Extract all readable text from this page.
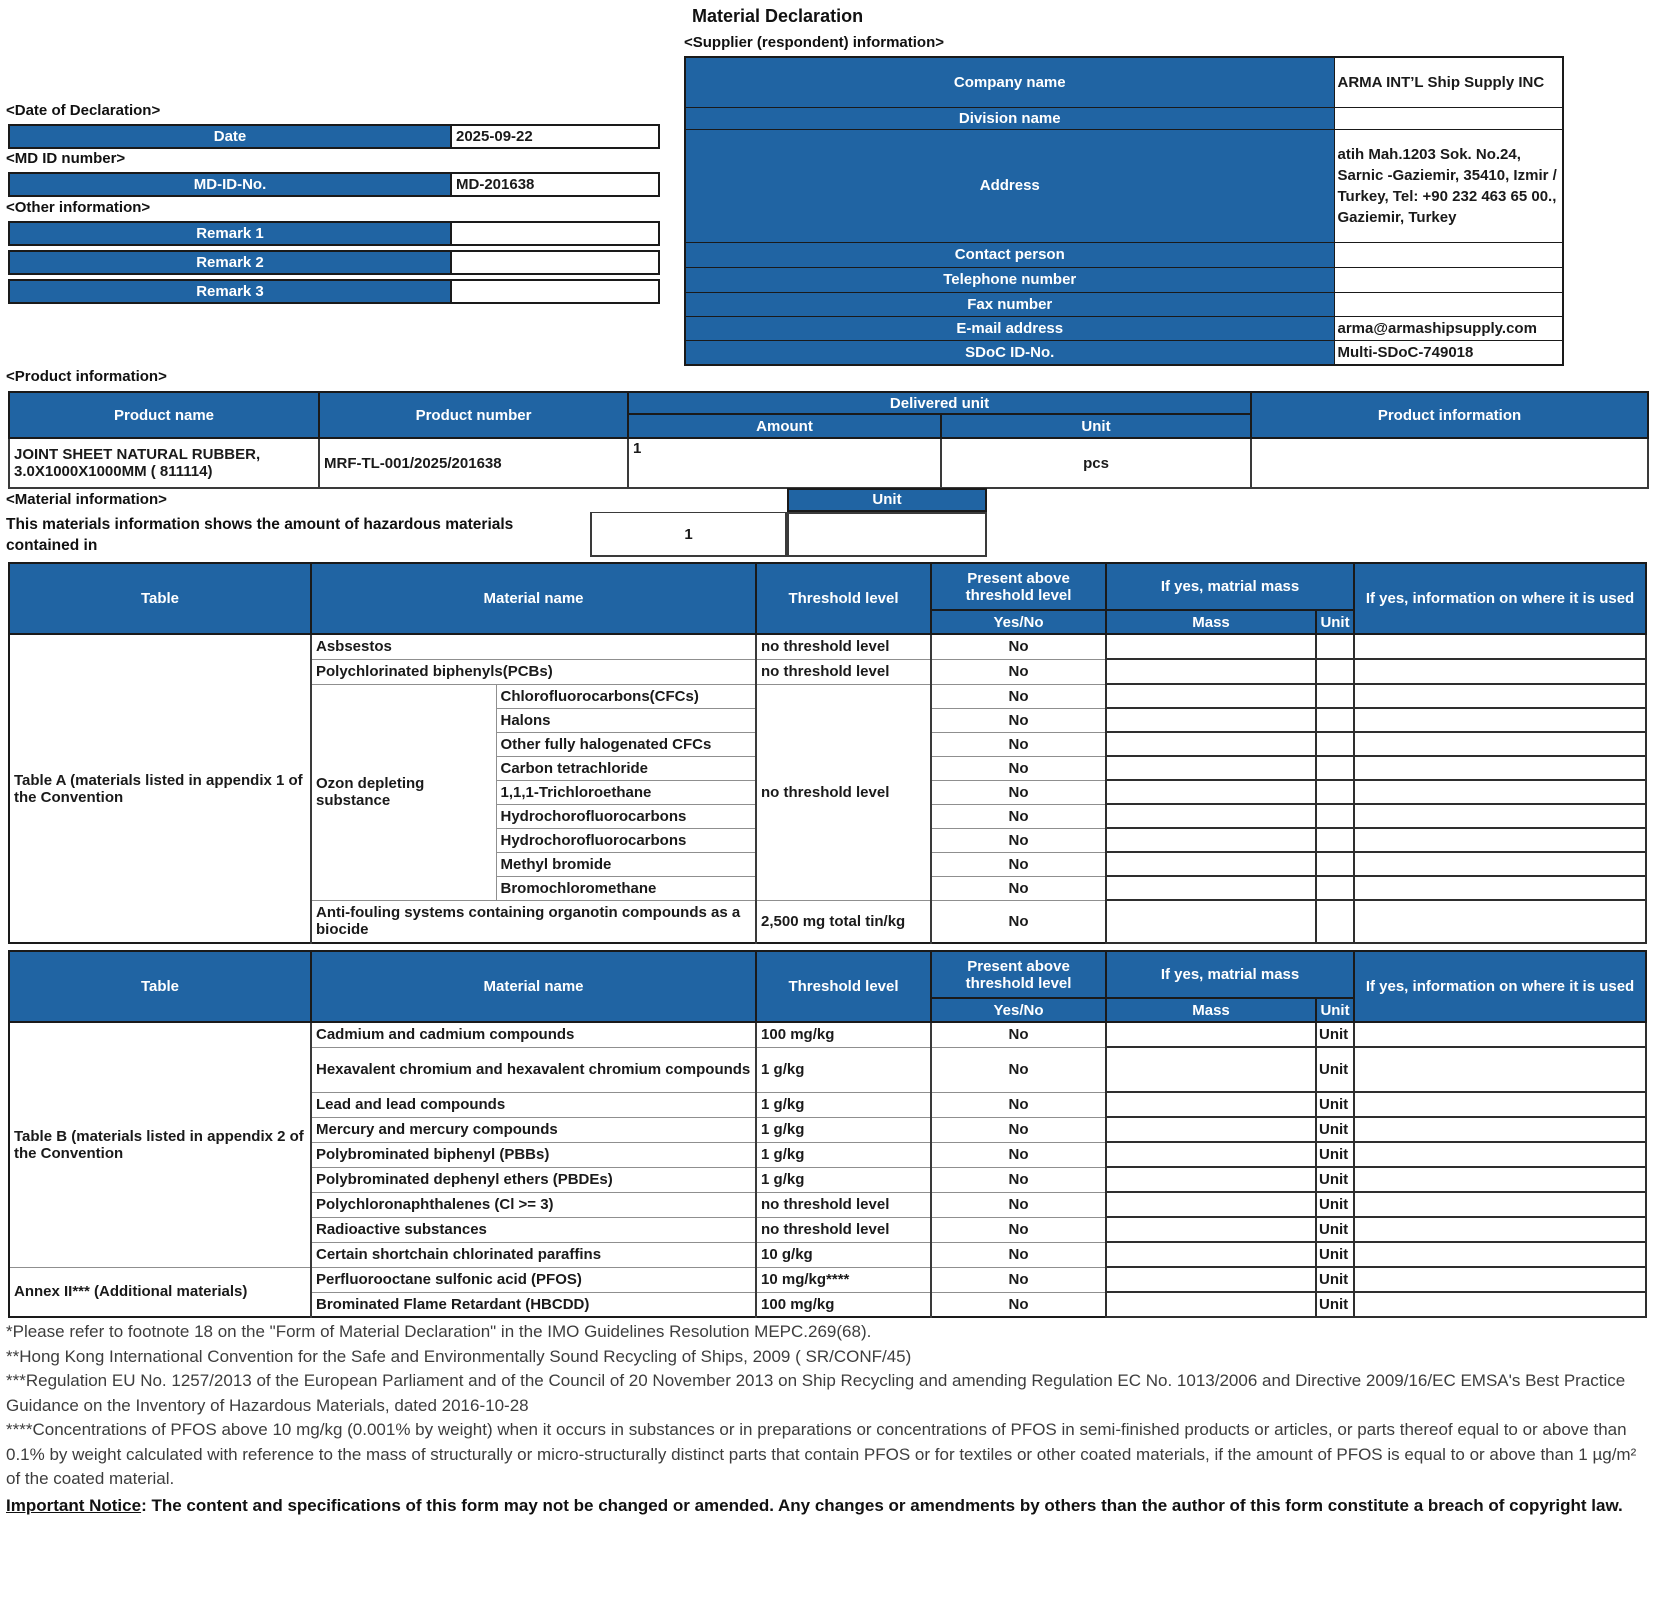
Material Declaration
<Supplier (respondent) information>
Company name	ARMA INT’L Ship Supply INC
Division name	
Address	atih Mah.1203 Sok. No.24, Sarnic -Gaziemir, 35410, Izmir / Turkey, Tel: +90 232 463 65 00., Gaziemir, Turkey
Contact person	
Telephone number	
Fax number	
E-mail address	arma@armashipsupply.com
SDoC ID-No.	Multi-SDoC-749018
<Date of Declaration>
Date	2025-09-22
<MD ID number>
MD-ID-No.	MD-201638
<Other information>
Remark 1
Remark 2
Remark 3
<Product information>
Product name	Product number	Delivered unit		Product information
		Amount	Unit	
JOINT SHEET NATURAL RUBBER, 3.0X1000X1000MM ( 811114)	MRF-TL-001/2025/201638	1	pcs	
<Material information>
This materials information shows the amount of hazardous materials contained in
Unit
1
Table	Material name		Threshold level	Present above threshold level	If yes, matrial mass		If yes, information on where it is used
				Yes/No	Mass	Unit	
Table A (materials listed in appendix 1 of the Convention	Asbsestos		no threshold level	No			
	Polychlorinated biphenyls(PCBs)		no threshold level	No			
	Ozon depleting substance	Chlorofluorocarbons(CFCs)	no threshold level	No			
		Halons		No			
		Other fully halogenated CFCs		No			
		Carbon tetrachloride		No			
		1,1,1-Trichloroethane		No			
		Hydrochorofluorocarbons		No			
		Hydrochorofluorocarbons		No			
		Methyl bromide		No			
		Bromochloromethane		No			
	Anti-fouling systems containing organotin compounds as a biocide		2,500 mg total tin/kg	No			
Table	Material name	Threshold level	Present above threshold level	If yes, matrial mass		If yes, information on where it is used
			Yes/No	Mass	Unit	
Table B (materials listed in appendix 2 of the Convention	Cadmium and cadmium compounds	100 mg/kg	No		Unit	
	Hexavalent chromium and hexavalent chromium compounds	1 g/kg	No		Unit	
	Lead and lead compounds	1 g/kg	No		Unit	
	Mercury and mercury compounds	1 g/kg	No		Unit	
	Polybrominated biphenyl (PBBs)	1 g/kg	No		Unit	
	Polybrominated dephenyl ethers (PBDEs)	1 g/kg	No		Unit	
	Polychloronaphthalenes (Cl >= 3)	no threshold level	No		Unit	
	Radioactive substances	no threshold level	No		Unit	
	Certain shortchain chlorinated paraffins	10 g/kg	No		Unit	
Annex II*** (Additional materials)	Perfluorooctane sulfonic acid (PFOS)	10 mg/kg****	No		Unit	
	Brominated Flame Retardant (HBCDD)	100 mg/kg	No		Unit	
*Please refer to footnote 18 on the "Form of Material Declaration" in the IMO Guidelines Resolution MEPC.269(68).
**Hong Kong International Convention for the Safe and Environmentally Sound Recycling of Ships, 2009 ( SR/CONF/45)
***Regulation EU No. 1257/2013 of the European Parliament and of the Council of 20 November 2013 on Ship Recycling and amending Regulation EC No. 1013/2006 and Directive 2009/16/EC EMSA's Best Practice Guidance on the Inventory of Hazardous Materials, dated 2016-10-28
****Concentrations of PFOS above 10 mg/kg (0.001% by weight) when it occurs in substances or in preparations or concentrations of PFOS in semi-finished products or articles, or parts thereof equal to or above than 0.1% by weight calculated with reference to the mass of structurally or micro-structurally distinct parts that contain PFOS or for textiles or other coated materials, if the amount of PFOS is equal to or above than 1 µg/m² of the coated material.
Important Notice: The content and specifications of this form may not be changed or amended. Any changes or amendments by others than the author of this form constitute a breach of copyright law.
